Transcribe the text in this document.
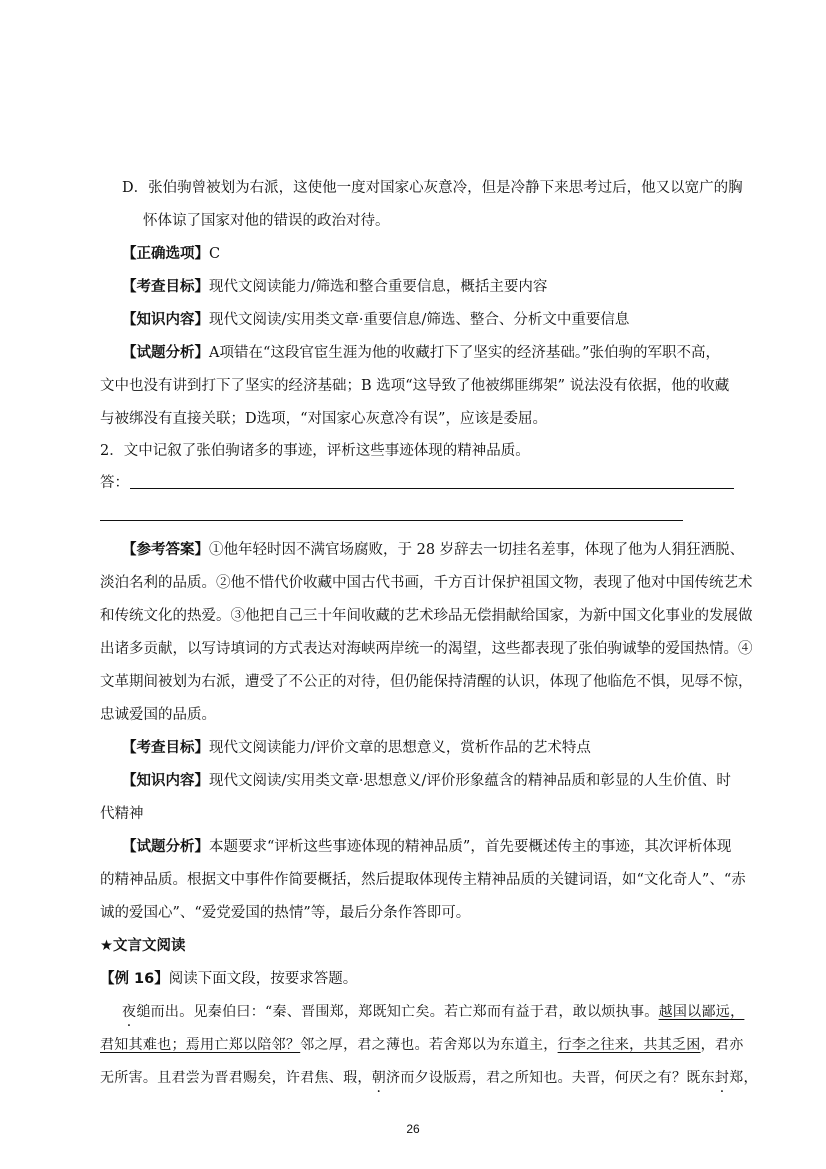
D．张伯驹曾被划为右派，这使他一度对国家心灰意冷，但是冷静下来思考过后，他又以宽广的胸
怀体谅了国家对他的错误的政治对待。
【正确选项】C
【考查目标】现代文阅读能力/筛选和整合重要信息，概括主要内容
【知识内容】现代文阅读/实用类文章·重要信息/筛选、整合、分析文中重要信息
【试题分析】A项错在“这段官宦生涯为他的收藏打下了坚实的经济基础。”张伯驹的军职不高，
文中也没有讲到打下了坚实的经济基础；B 选项“这导致了他被绑匪绑架” 说法没有依据，他的收藏
与被绑没有直接关联；D选项，“对国家心灰意冷有误”，应该是委屈。
2．文中记叙了张伯驹诸多的事迹，评析这些事迹体现的精神品质。
答：
【参考答案】①他年轻时因不满官场腐败，于 28 岁辞去一切挂名差事，体现了他为人狷狂洒脱、
淡泊名利的品质。②他不惜代价收藏中国古代书画，千方百计保护祖国文物，表现了他对中国传统艺术
和传统文化的热爱。③他把自己三十年间收藏的艺术珍品无偿捐献给国家，为新中国文化事业的发展做
出诸多贡献，以写诗填词的方式表达对海峡两岸统一的渴望，这些都表现了张伯驹诚挚的爱国热情。④
文革期间被划为右派，遭受了不公正的对待，但仍能保持清醒的认识，体现了他临危不惧，见辱不惊，
忠诚爱国的品质。
【考查目标】现代文阅读能力/评价文章的思想意义，赏析作品的艺术特点
【知识内容】现代文阅读/实用类文章·思想意义/评价形象蕴含的精神品质和彰显的人生价值、时
代精神
【试题分析】本题要求“评析这些事迹体现的精神品质”，首先要概述传主的事迹，其次评析体现
的精神品质。根据文中事件作简要概括，然后提取体现传主精神品质的关键词语，如“文化奇人”、“赤
诚的爱国心”、“爱党爱国的热情”等，最后分条作答即可。
★文言文阅读
【例 16】阅读下面文段，按要求答题。
夜缒而出。见秦伯曰：“秦、晋围郑，郑既知亡矣。若亡郑而有益于君，敢以烦执事。越国以鄙远，
君知其难也；焉用亡郑以陪邻？邻之厚，君之薄也。若舍郑以为东道主，行李之往来，共其乏困，君亦
无所害。且君尝为晋君赐矣，许君焦、瑕，朝济而夕设版焉，君之所知也。夫晋，何厌之有？既东封郑，
26
